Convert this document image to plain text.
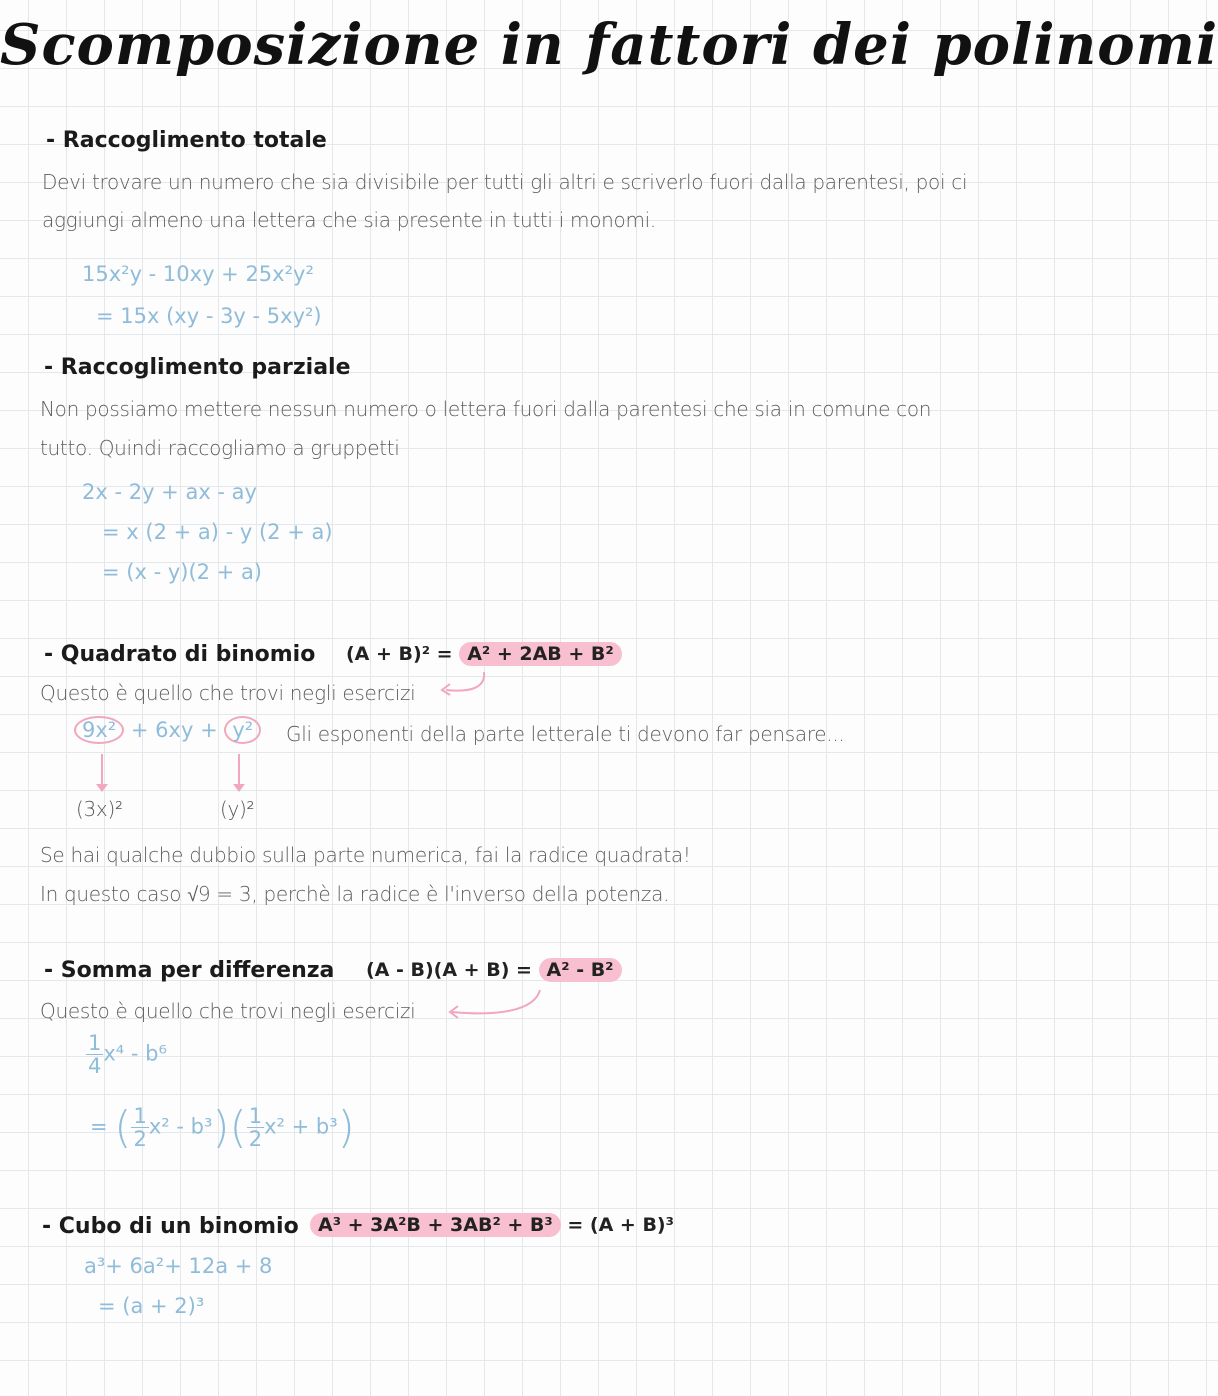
Scomposizione in fattori dei polinomi
- Raccoglimento totale
Devi trovare un numero che sia divisibile per tutti gli altri e scriverlo fuori dalla parentesi, poi ci
aggiungi almeno una lettera che sia presente in tutti i monomi.
15x²y - 10xy + 25x²y²
= 15x (xy - 3y - 5xy²)
- Raccoglimento parziale
Non possiamo mettere nessun numero o lettera fuori dalla parentesi che sia in comune con
tutto. Quindi raccogliamo a gruppetti
2x - 2y + ax - ay
= x (2 + a) - y (2 + a)
= (x - y)(2 + a)
- Quadrato di binomio (A + B)² = A² + 2AB + B²
Questo è quello che trovi negli esercizi
9x² + 6xy + y²	Gli esponenti della parte letterale ti devono far pensare...
(3x)²	(y)²
Se hai qualche dubbio sulla parte numerica, fai la radice quadrata!
In questo caso √9 = 3, perchè la radice è l'inverso della potenza.
- Somma per differenza (A - B)(A + B) = A² - B²
Questo è quello che trovi negli esercizi
$\frac{1}{4} x^4 - b^6$
= ( $\frac{1}{2} x^2 - b^3)( \frac{1}{2} x^2 + b^3)$
- Cubo di un binomio	A³ + 3A²B + 3AB² + B³ = (A + B)³
a³+ 6a²+ 12a + 8
= (a + 2)³
